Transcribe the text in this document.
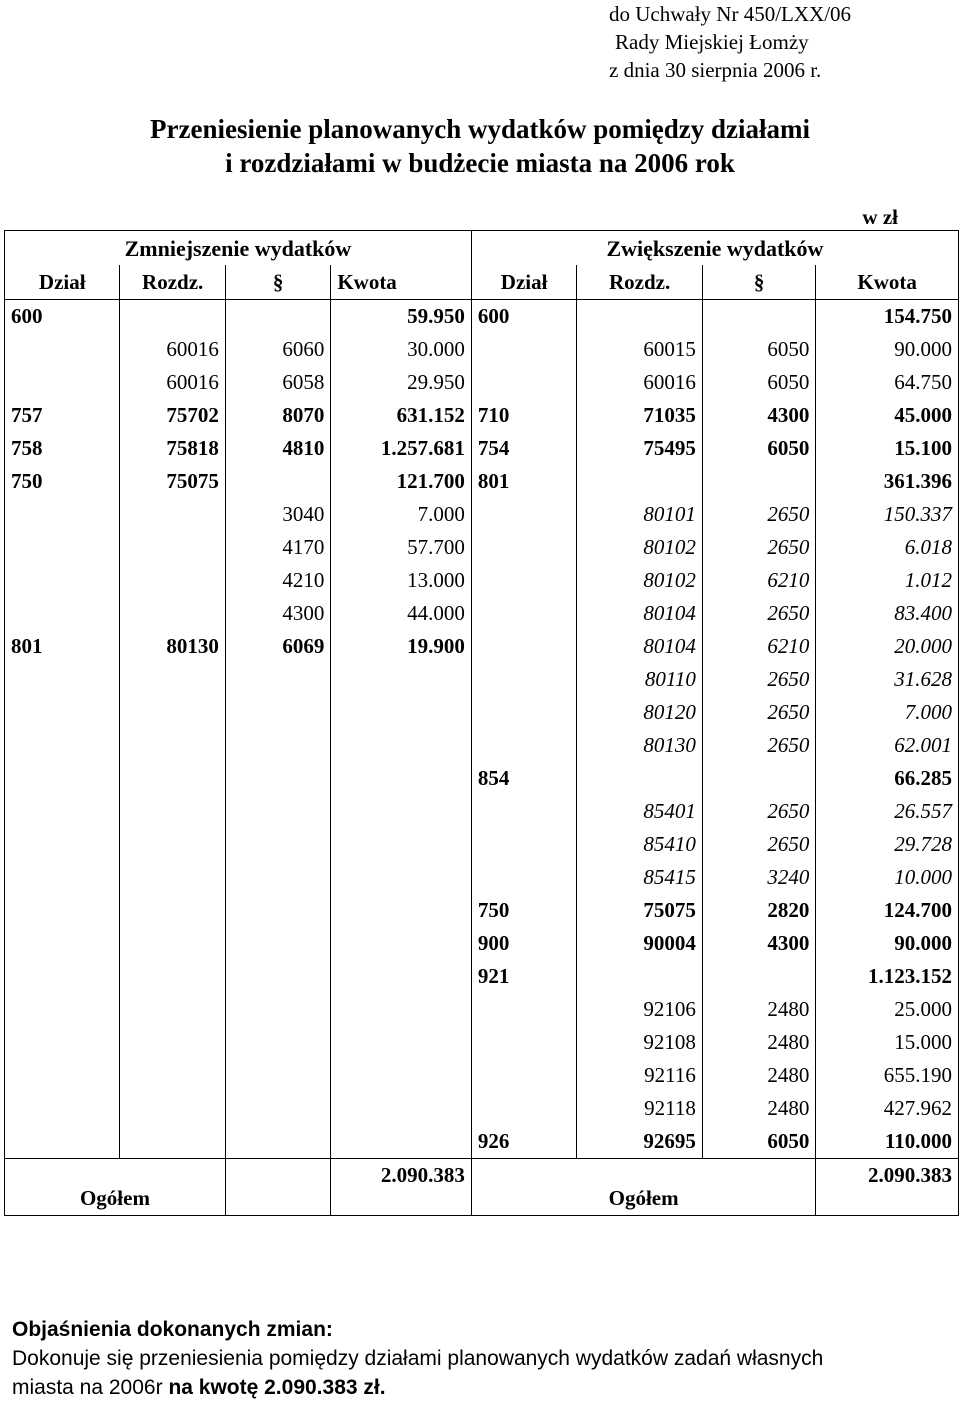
do Uchwały Nr 450/LXX/06
Rady Miejskiej Łomży
z dnia 30 sierpnia 2006 r.
Przeniesienie planowanych wydatków pomiędzy działami
i rozdziałami w budżecie miasta na 2006 rok
w zł
Zmniejszenie wydatków				Zwiększenie wydatków			
Dział	Rozdz.	§	Kwota	Dział	Rozdz.	§	Kwota
600			59.950	600			154.750
	60016	6060	30.000		60015	6050	90.000
	60016	6058	29.950		60016	6050	64.750
757	75702	8070	631.152	710	71035	4300	45.000
758	75818	4810	1.257.681	754	75495	6050	15.100
750	75075		121.700	801			361.396
		3040	7.000		80101	2650	150.337
		4170	57.700		80102	2650	6.018
		4210	13.000		80102	6210	1.012
		4300	44.000		80104	2650	83.400
801	80130	6069	19.900		80104	6210	20.000
					80110	2650	31.628
					80120	2650	7.000
					80130	2650	62.001
				854			66.285
					85401	2650	26.557
					85410	2650	29.728
					85415	3240	10.000
				750	75075	2820	124.700
				900	90004	4300	90.000
				921			1.123.152
					92106	2480	25.000
					92108	2480	15.000
					92116	2480	655.190
					92118	2480	427.962
				926	92695	6050	110.000
Ogółem			2.090.383	Ogółem			2.090.383
Objaśnienia dokonanych zmian:
Dokonuje się przeniesienia pomiędzy działami planowanych wydatków zadań własnych
miasta na 2006r na kwotę 2.090.383 zł.
